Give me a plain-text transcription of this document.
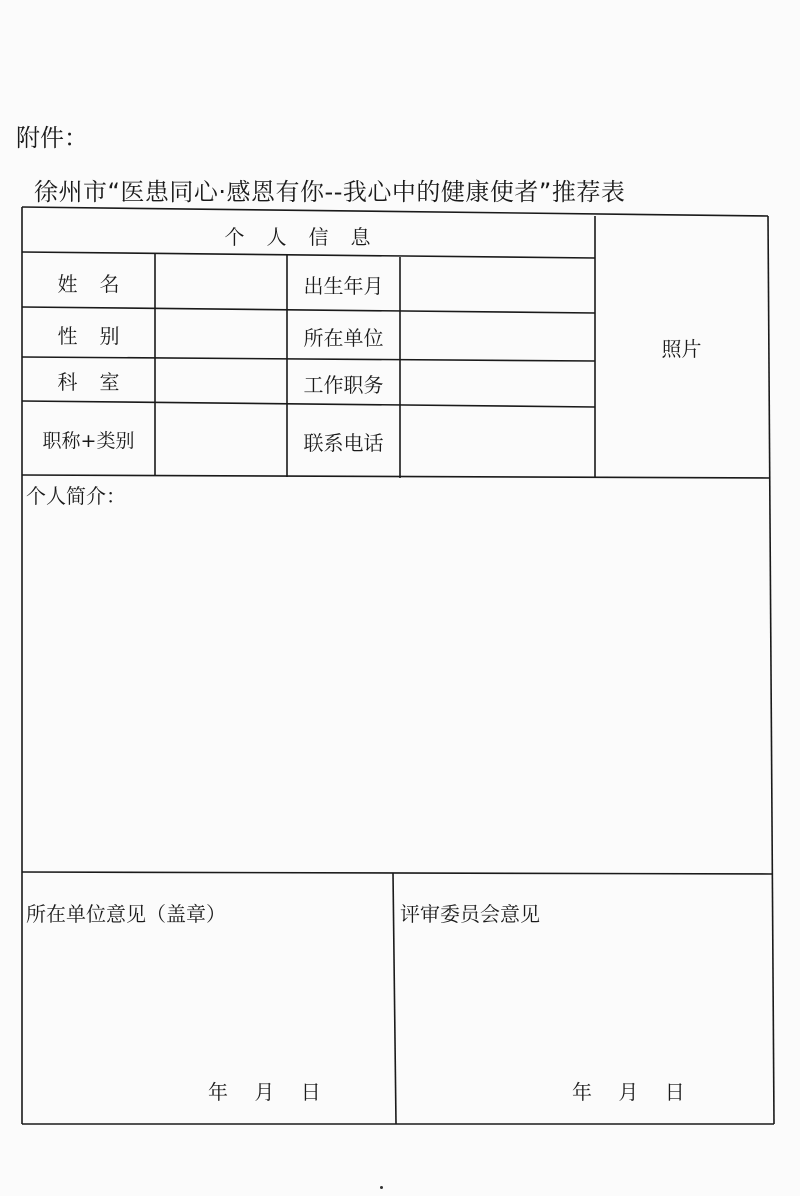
附件：
徐州市“医患同心·感恩有你--我心中的健康使者”推荐表
个人信息
照片
姓名	出生年月
性别	所在单位
科室	工作职务
职称+类别	联系电话
个人简介：
所在单位意见（盖章）
年 月 日
评审委员会意见
年 月 日
